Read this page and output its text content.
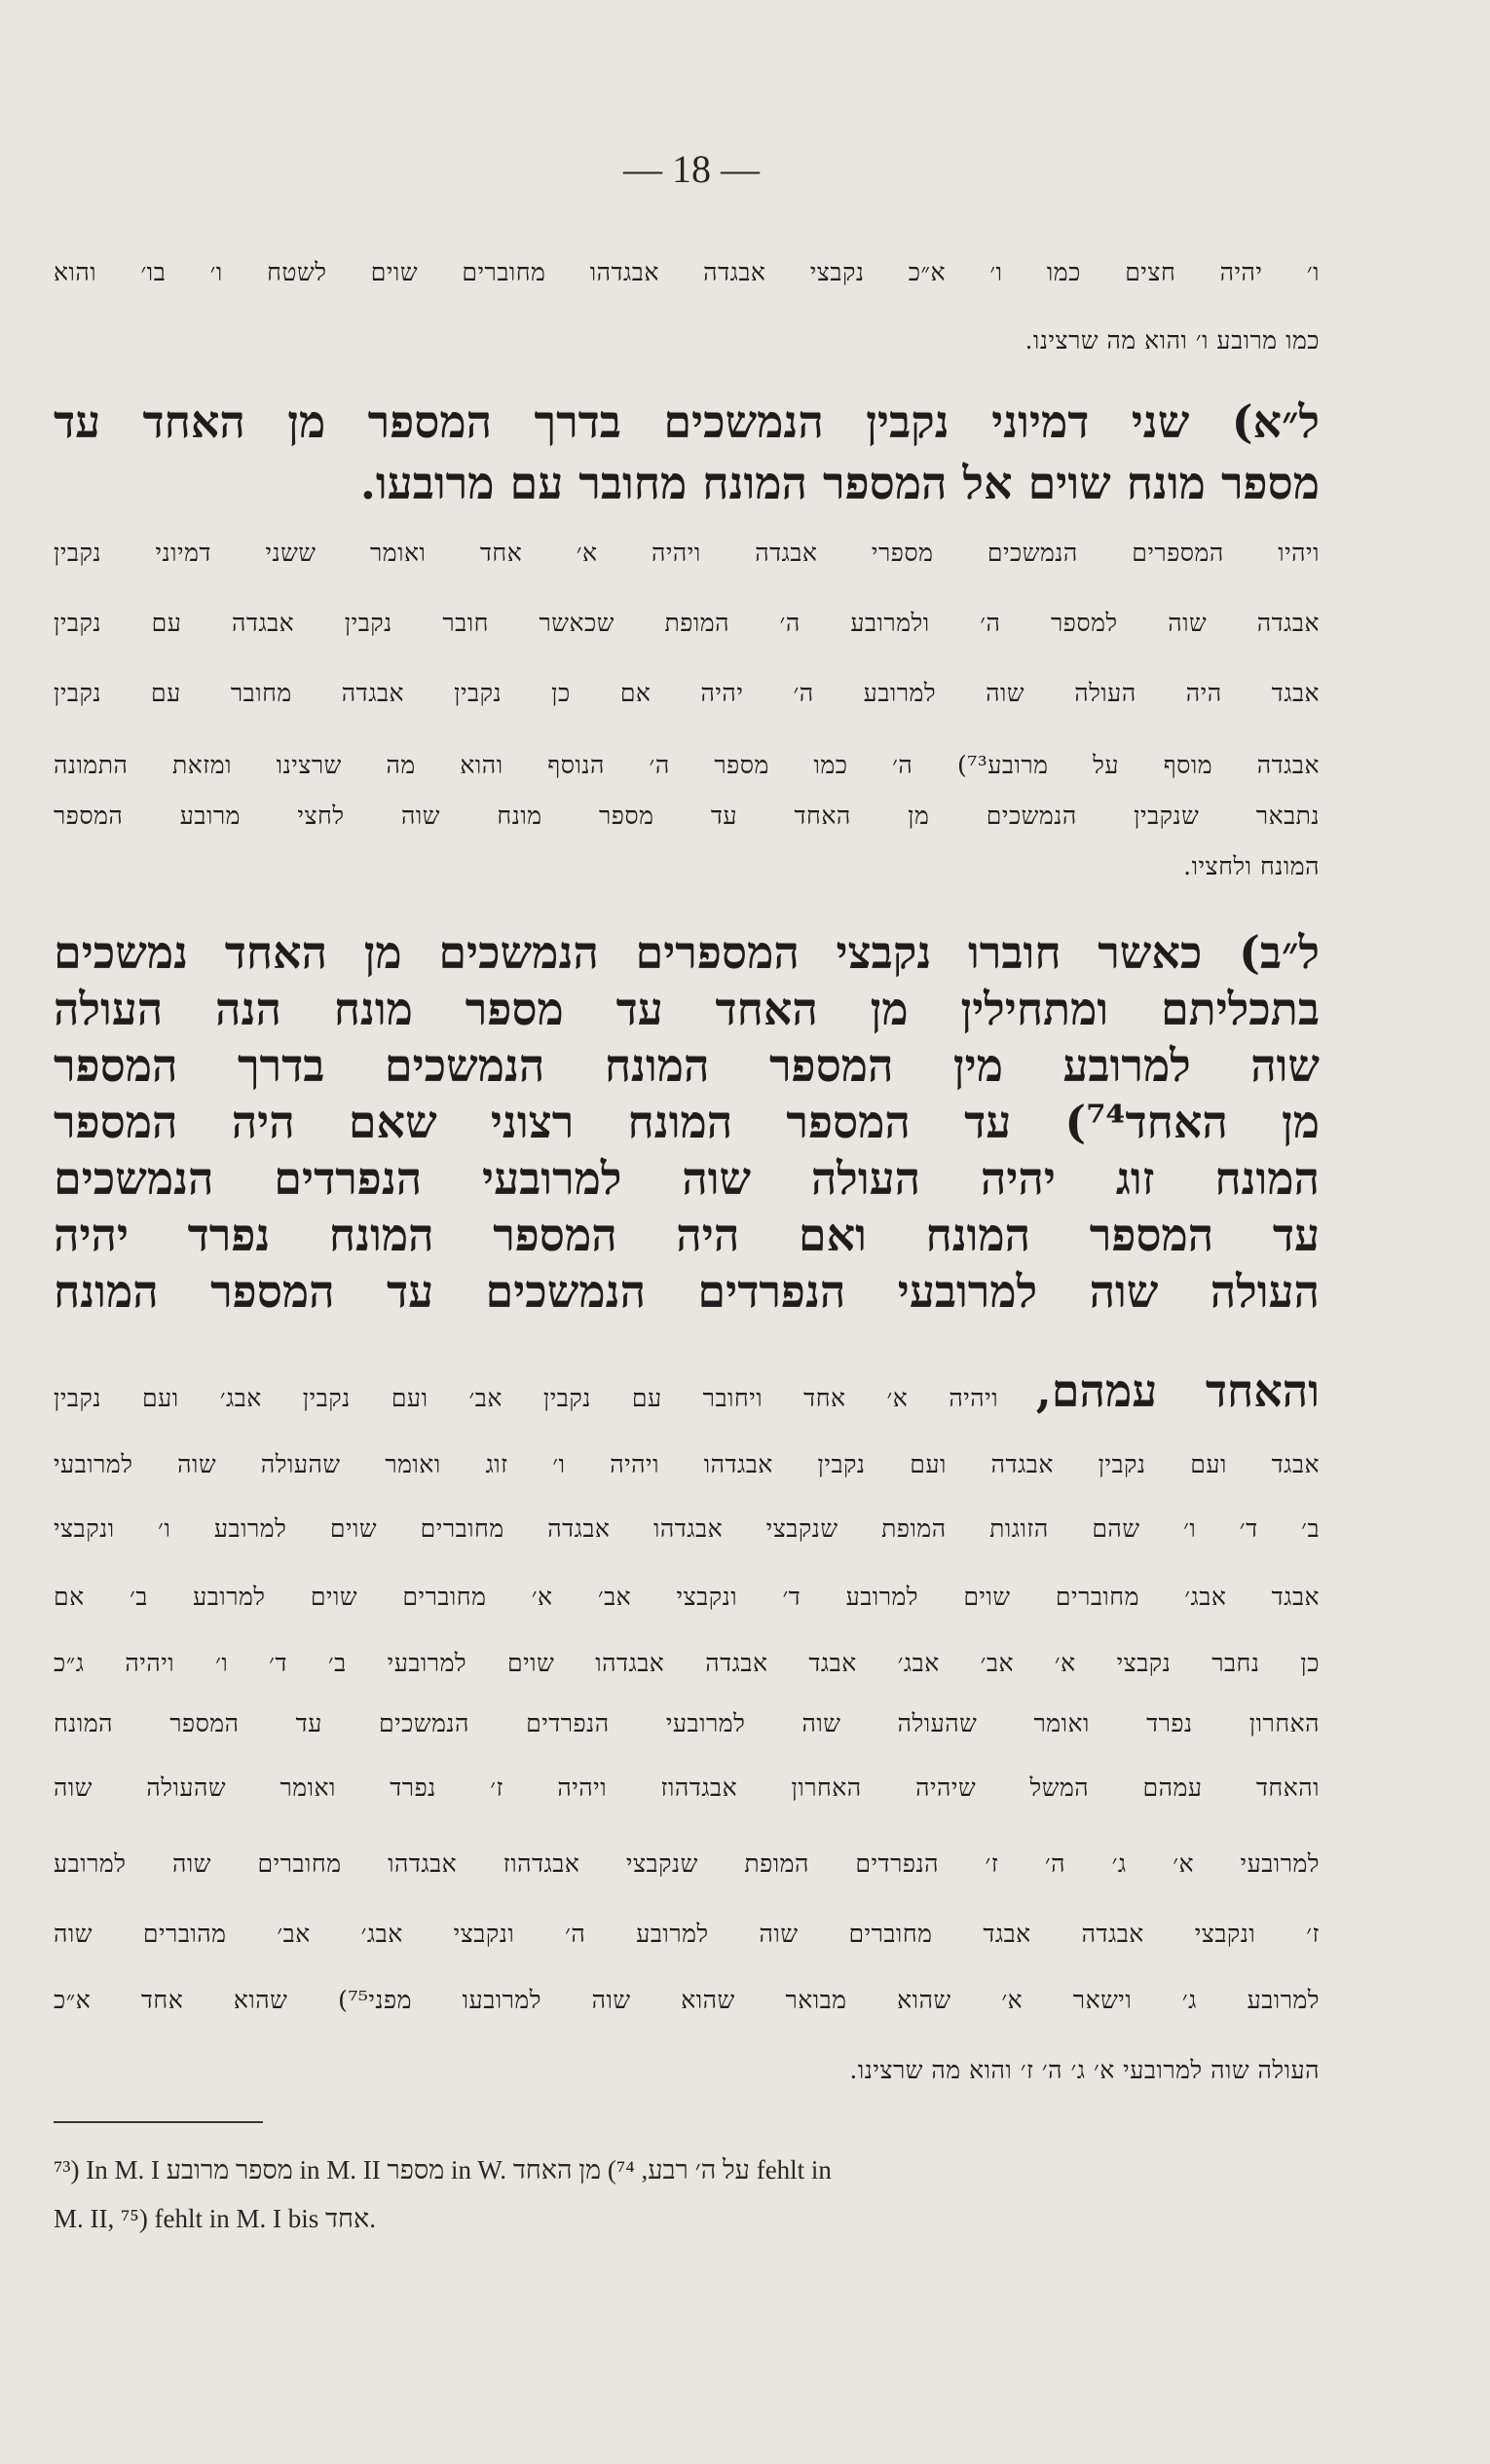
— 18 —
ו׳ יהיה חצים כמו ו׳ א״כ נקבצי אבגדה אבגדהו מחוברים שוים לשטח ו׳ בו׳ והוא
כמו מרובע ו׳ והוא מה שרצינו.
ל״א) שני דמיוני נקבין הנמשכים בדרך המספר מן האחד עד
מספר מונח שוים אל המספר המונח מחובר עם מרובעו.
ויהיו המספרים הנמשכים מספרי אבגדה ויהיה א׳ אחד ואומר ששני דמיוני נקבין
אבגדה שוה למספר ה׳ ולמרובע ה׳ המופת שכאשר חובר נקבין אבגדה עם נקבין
אבגד היה העולה שוה למרובע ה׳ יהיה אם כן נקבין אבגדה מחובר עם נקבין
אבגדה מוסף על מרובע⁷³) ה׳ כמו מספר ה׳ הנוסף והוא מה שרצינו ומזאת התמונה
נתבאר שנקבין הנמשכים מן האחד עד מספר מונח שוה לחצי מרובע המספר
המונח ולחציו.
ל״ב) כאשר חוברו נקבצי המספרים הנמשכים מן האחד נמשכים
בתכליתם ומתחילין מן האחד עד מספר מונח הנה העולה
שוה למרובע מין המספר המונח הנמשכים בדרך המספר
מן האחד⁷⁴) עד המספר המונח רצוני שאם היה המספר
המונח זוג יהיה העולה שוה למרובעי הנפרדים הנמשכים
עד המספר המונח ואם היה המספר המונח נפרד יהיה
העולה שוה למרובעי הנפרדים הנמשכים עד המספר המונח
והאחד עמהם, ויהיה א׳ אחד ויחובר עם נקבין אב׳ ועם נקבין אבג׳ ועם נקבין
אבגד ועם נקבין אבגדה ועם נקבין אבגדהו ויהיה ו׳ זוג ואומר שהעולה שוה למרובעי
ב׳ ד׳ ו׳ שהם הזוגות המופת שנקבצי אבגדהו אבגדה מחוברים שוים למרובע ו׳ ונקבצי
אבגד אבג׳ מחוברים שוים למרובע ד׳ ונקבצי אב׳ א׳ מחוברים שוים למרובע ב׳ אם
כן נחבר נקבצי א׳ אב׳ אבג׳ אבגד אבגדה אבגדהו שוים למרובעי ב׳ ד׳ ו׳ ויהיה ג״כ
האחרון נפרד ואומר שהעולה שוה למרובעי הנפרדים הנמשכים עד המספר המונח
והאחד עמהם המשל שיהיה האחרון אבגדהוז ויהיה ז׳ נפרד ואומר שהעולה שוה
למרובעי א׳ ג׳ ה׳ ז׳ הנפרדים המופת שנקבצי אבגדהוז אבגדהו מחוברים שוה למרובע
ז׳ ונקבצי אבגדה אבגד מחוברים שוה למרובע ה׳ ונקבצי אבג׳ אב׳ מהוברים שוה
למרובע ג׳ וישאר א׳ שהוא מבואר שהוא שוה למרובעו מפני⁷⁵) שהוא אחד א״כ
העולה שוה למרובעי א׳ ג׳ ה׳ ז׳ והוא מה שרצינו.
⁷³) In M. I מספר מרובע in M. II מספר in W. על ה׳ רבע, ⁷⁴) מן האחד fehlt in
M. II, ⁷⁵) fehlt in M. I bis אחד.
